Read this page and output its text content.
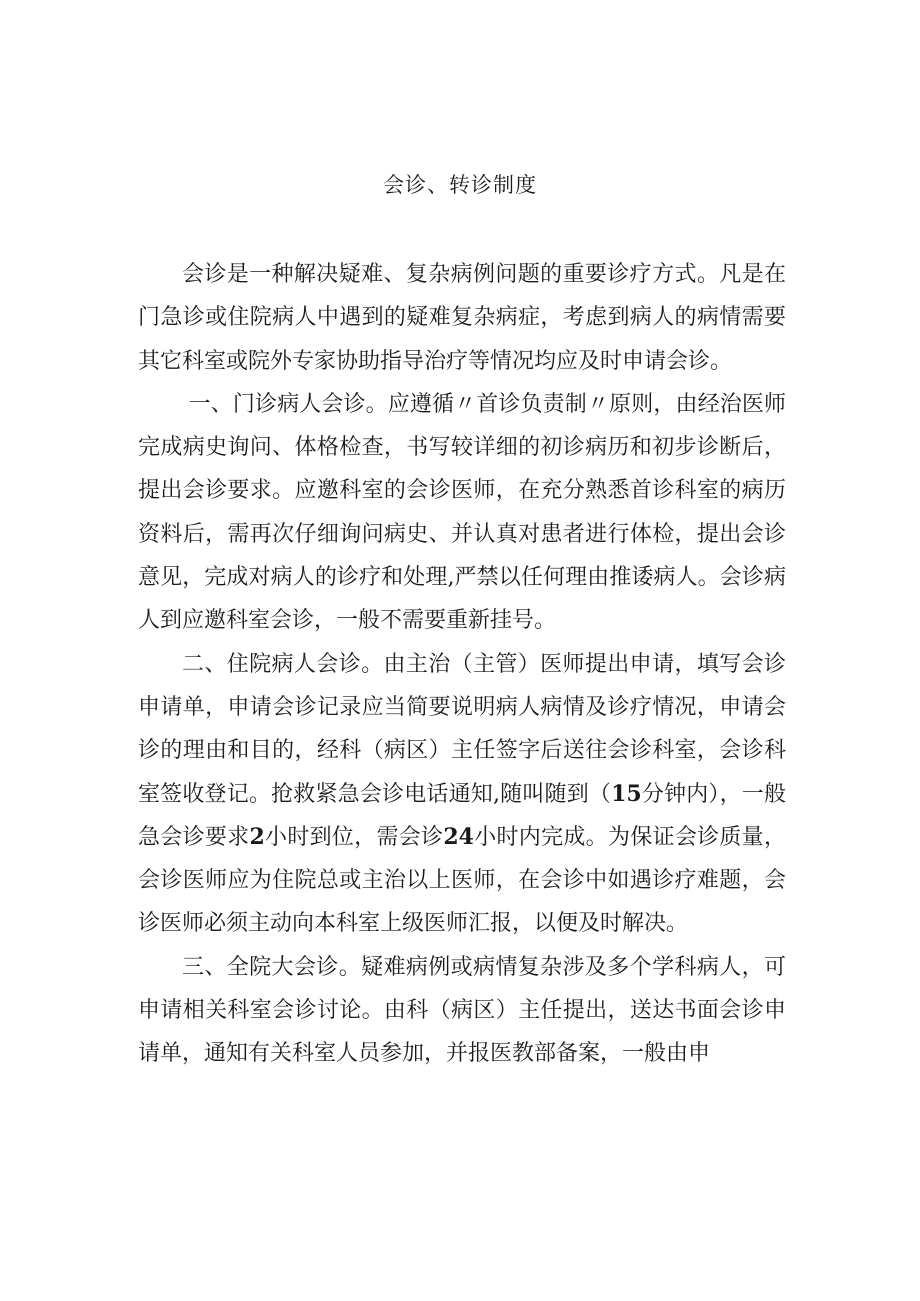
会诊、转诊制度

会诊是一种解决疑难、复杂病例问题的重要诊疗方式。凡是在门急诊或住院病人中遇到的疑难复杂病症，考虑到病人的病情需要其它科室或院外专家协助指导治疗等情况均应及时申请会诊。

一、门诊病人会诊。应遵循〃首诊负责制〃原则，由经治医师完成病史询问、体格检查，书写较详细的初诊病历和初步诊断后，提出会诊要求。应邀科室的会诊医师，在充分熟悉首诊科室的病历资料后，需再次仔细询问病史、并认真对患者进行体检，提出会诊意见，完成对病人的诊疗和处理,严禁以任何理由推诿病人。会诊病人到应邀科室会诊，一般不需要重新挂号。

二、住院病人会诊。由主治（主管）医师提出申请，填写会诊申请单，申请会诊记录应当简要说明病人病情及诊疗情况，申请会诊的理由和目的，经科（病区）主任签字后送往会诊科室，会诊科室签收登记。抢救紧急会诊电话通知,随叫随到（15分钟内），一般急会诊要求2小时到位，需会诊24小时内完成。为保证会诊质量，会诊医师应为住院总或主治以上医师，在会诊中如遇诊疗难题，会诊医师必须主动向本科室上级医师汇报，以便及时解决。

三、全院大会诊。疑难病例或病情复杂涉及多个学科病人，可申请相关科室会诊讨论。由科（病区）主任提出，送达书面会诊申请单，通知有关科室人员参加，并报医教部备案，一般由申
